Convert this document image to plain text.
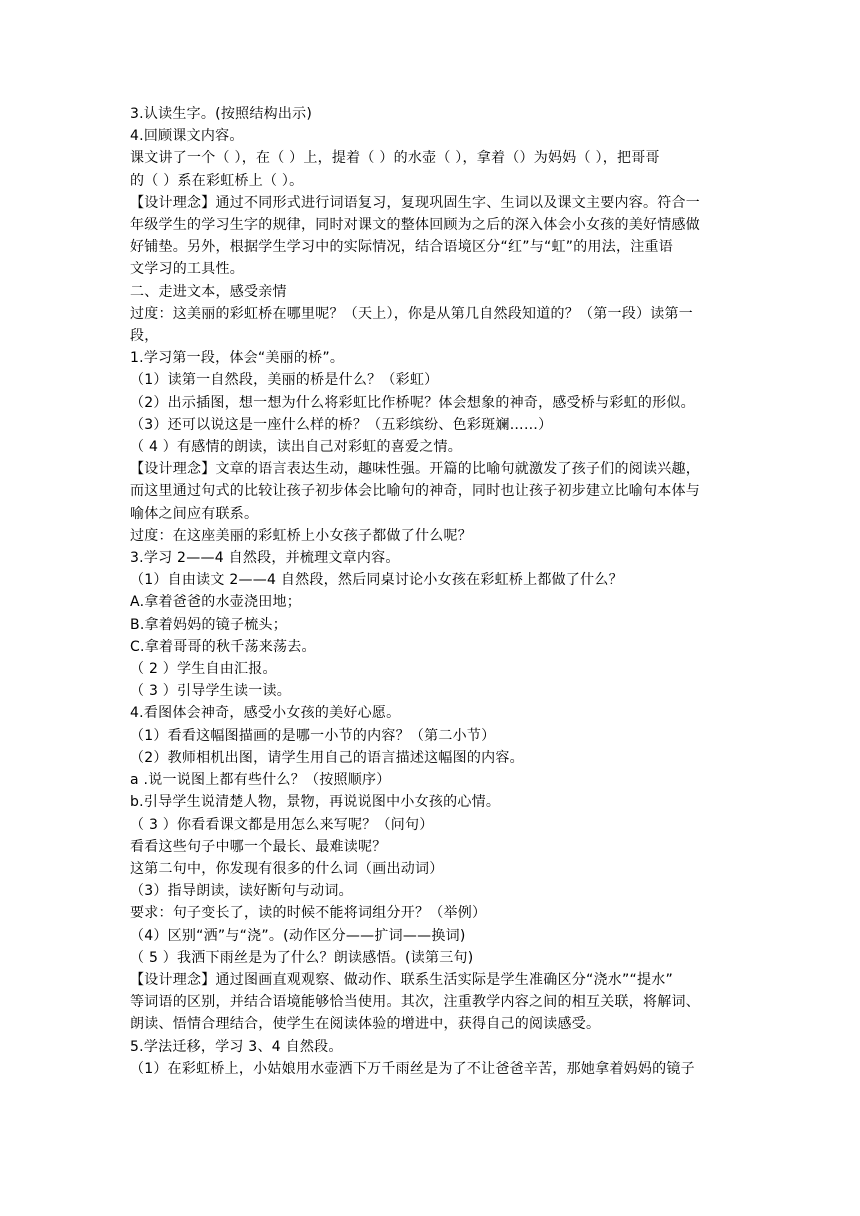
3.认读生字。(按照结构出示)
4.回顾课文内容。
课文讲了一个（ ），在（ ）上，提着（ ）的水壶（ ），拿着（）为妈妈（ ），把哥哥
的（ ）系在彩虹桥上（ ）。
【设计理念】通过不同形式进行词语复习，复现巩固生字、生词以及课文主要内容。符合一
年级学生的学习生字的规律，同时对课文的整体回顾为之后的深入体会小女孩的美好情感做
好铺垫。另外，根据学生学习中的实际情况，结合语境区分“红”与“虹”的用法，注重语
文学习的工具性。
二、走进文本，感受亲情
过度：这美丽的彩虹桥在哪里呢？（天上），你是从第几自然段知道的？（第一段）读第一
段，
1.学习第一段，体会“美丽的桥”。
（1）读第一自然段，美丽的桥是什么？（彩虹）
（2）出示插图，想一想为什么将彩虹比作桥呢？体会想象的神奇，感受桥与彩虹的形似。
（3）还可以说这是一座什么样的桥？（五彩缤纷、色彩斑斓……）
（ 4 ）有感情的朗读，读出自己对彩虹的喜爱之情。
【设计理念】文章的语言表达生动，趣味性强。开篇的比喻句就激发了孩子们的阅读兴趣，
而这里通过句式的比较让孩子初步体会比喻句的神奇，同时也让孩子初步建立比喻句本体与
喻体之间应有联系。
过度：在这座美丽的彩虹桥上小女孩子都做了什么呢？
3.学习 2——4 自然段，并梳理文章内容。
（1）自由读文 2——4 自然段，然后同桌讨论小女孩在彩虹桥上都做了什么？
A.拿着爸爸的水壶浇田地；
B.拿着妈妈的镜子梳头；
C.拿着哥哥的秋千荡来荡去。
（ 2 ）学生自由汇报。
（ 3 ）引导学生读一读。
4.看图体会神奇，感受小女孩的美好心愿。
（1）看看这幅图描画的是哪一小节的内容？（第二小节）
（2）教师相机出图，请学生用自己的语言描述这幅图的内容。
a .说一说图上都有些什么？（按照顺序）
b.引导学生说清楚人物，景物，再说说图中小女孩的心情。
（ 3 ）你看看课文都是用怎么来写呢？（问句）
看看这些句子中哪一个最长、最难读呢？
这第二句中，你发现有很多的什么词（画出动词）
（3）指导朗读，读好断句与动词。
要求：句子变长了，读的时候不能将词组分开？（举例）
（4）区别“洒”与“浇”。(动作区分——扩词——换词)
（ 5 ）我洒下雨丝是为了什么？朗读感悟。(读第三句)
【设计理念】通过图画直观观察、做动作、联系生活实际是学生准确区分“浇水”“提水”
等词语的区别，并结合语境能够恰当使用。其次，注重教学内容之间的相互关联，将解词、
朗读、悟情合理结合，使学生在阅读体验的增进中，获得自己的阅读感受。
5.学法迁移，学习 3、4 自然段。
（1）在彩虹桥上，小姑娘用水壶洒下万千雨丝是为了不让爸爸辛苦，那她拿着妈妈的镜子
